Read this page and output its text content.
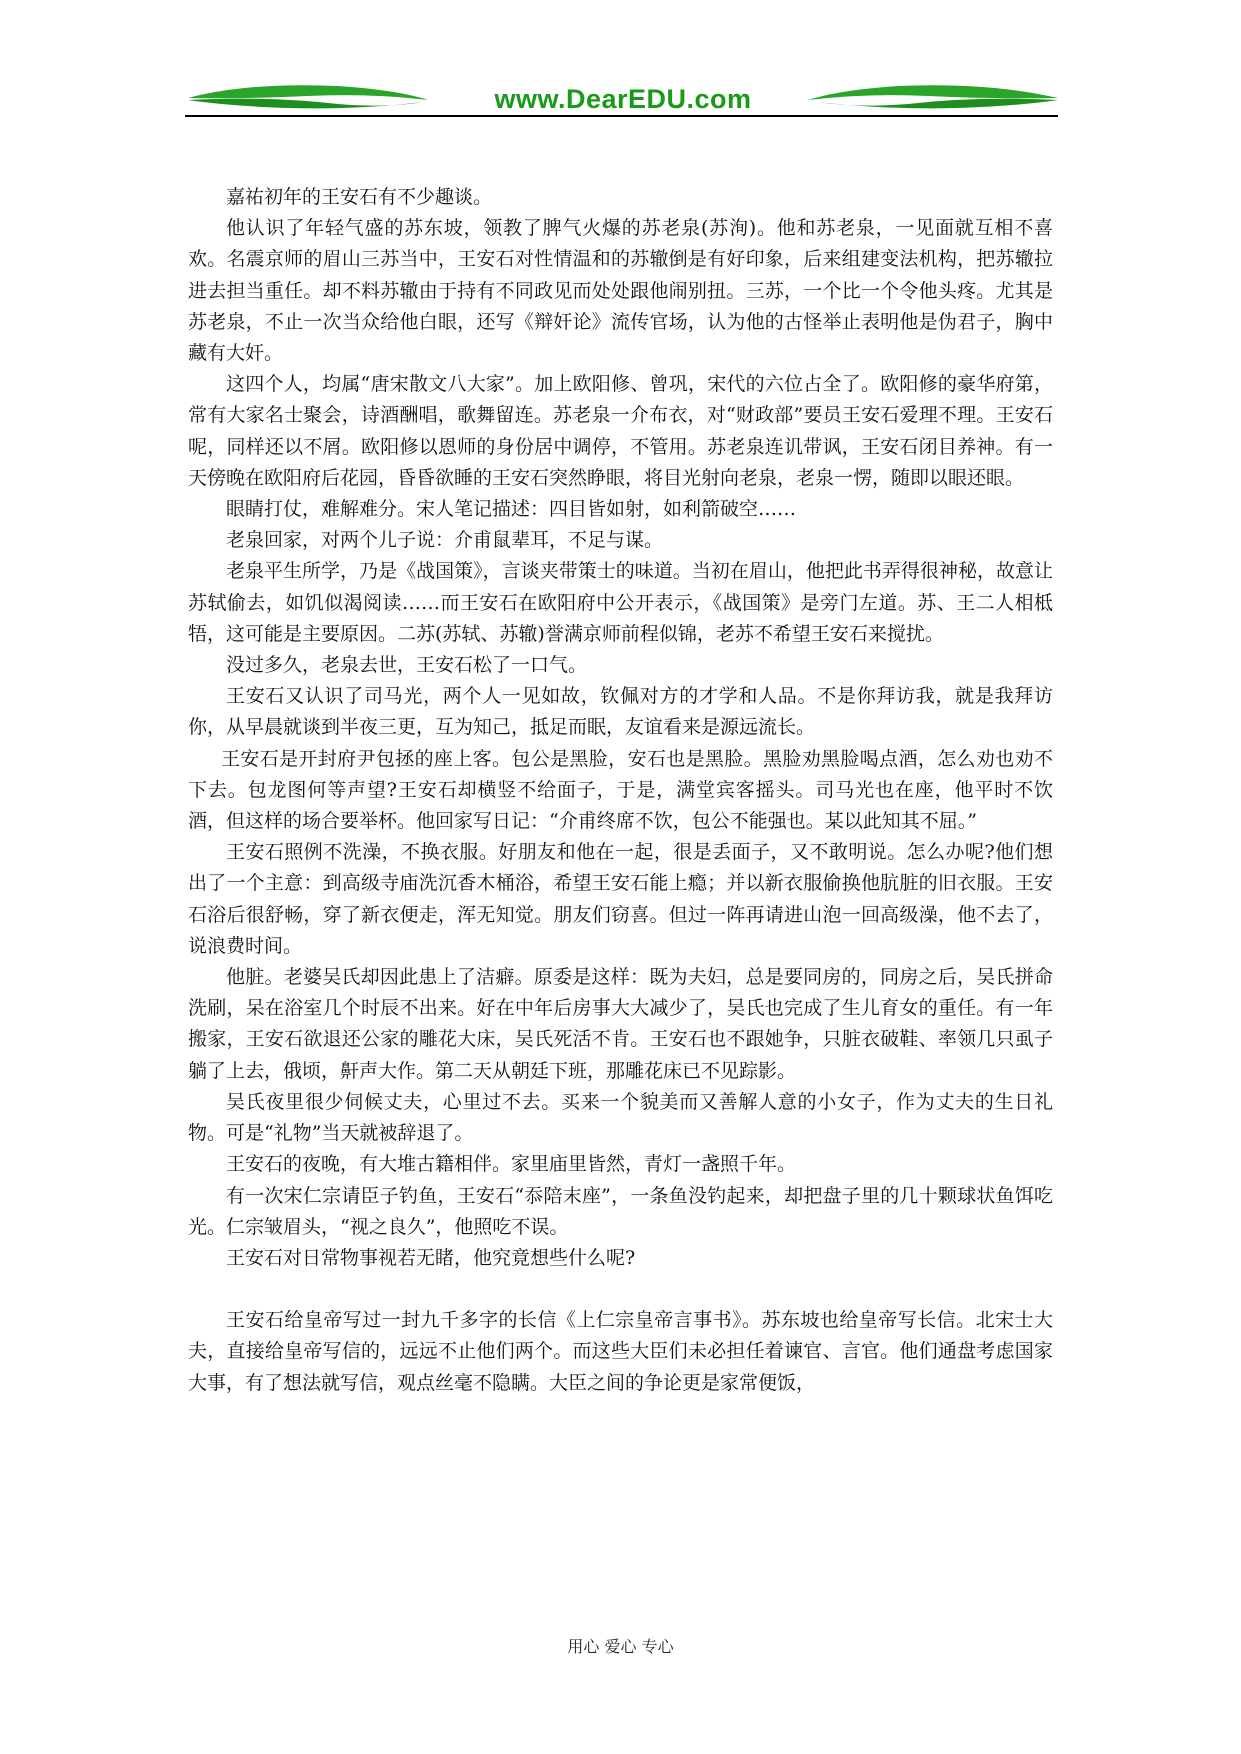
www.DearEDU.com

嘉祐初年的王安石有不少趣谈。

他认识了年轻气盛的苏东坡，领教了脾气火爆的苏老泉(苏洵)。他和苏老泉，一见面就互相不喜欢。名震京师的眉山三苏当中，王安石对性情温和的苏辙倒是有好印象，后来组建变法机构，把苏辙拉进去担当重任。却不料苏辙由于持有不同政见而处处跟他闹别扭。三苏，一个比一个令他头疼。尤其是苏老泉，不止一次当众给他白眼，还写《辩奸论》流传官场，认为他的古怪举止表明他是伪君子，胸中藏有大奸。

这四个人，均属“唐宋散文八大家”。加上欧阳修、曾巩，宋代的六位占全了。欧阳修的豪华府第，常有大家名士聚会，诗酒酬唱，歌舞留连。苏老泉一介布衣，对“财政部”要员王安石爱理不理。王安石呢，同样还以不屑。欧阳修以恩师的身份居中调停，不管用。苏老泉连讥带讽，王安石闭目养神。有一天傍晚在欧阳府后花园，昏昏欲睡的王安石突然睁眼，将目光射向老泉，老泉一愣，随即以眼还眼。

眼睛打仗，难解难分。宋人笔记描述：四目皆如射，如利箭破空……

老泉回家，对两个儿子说：介甫鼠辈耳，不足与谋。

老泉平生所学，乃是《战国策》，言谈夹带策士的味道。当初在眉山，他把此书弄得很神秘，故意让苏轼偷去，如饥似渴阅读……而王安石在欧阳府中公开表示，《战国策》是旁门左道。苏、王二人相柢牾，这可能是主要原因。二苏(苏轼、苏辙)誉满京师前程似锦，老苏不希望王安石来搅扰。

没过多久，老泉去世，王安石松了一口气。

王安石又认识了司马光，两个人一见如故，钦佩对方的才学和人品。不是你拜访我，就是我拜访你，从早晨就谈到半夜三更，互为知己，抵足而眠，友谊看来是源远流长。

王安石是开封府尹包拯的座上客。包公是黑脸，安石也是黑脸。黑脸劝黑脸喝点酒，怎么劝也劝不下去。包龙图何等声望?王安石却横竖不给面子，于是，满堂宾客摇头。司马光也在座，他平时不饮酒，但这样的场合要举杯。他回家写日记：“介甫终席不饮，包公不能强也。某以此知其不屈。”

王安石照例不洗澡，不换衣服。好朋友和他在一起，很是丢面子，又不敢明说。怎么办呢?他们想出了一个主意：到高级寺庙洗沉香木桶浴，希望王安石能上瘾；并以新衣服偷换他肮脏的旧衣服。王安石浴后很舒畅，穿了新衣便走，浑无知觉。朋友们窃喜。但过一阵再请进山泡一回高级澡，他不去了，说浪费时间。

他脏。老婆吴氏却因此患上了洁癖。原委是这样：既为夫妇，总是要同房的，同房之后，吴氏拼命洗刷，呆在浴室几个时辰不出来。好在中年后房事大大减少了，吴氏也完成了生儿育女的重任。有一年搬家，王安石欲退还公家的雕花大床，吴氏死活不肯。王安石也不跟她争，只脏衣破鞋、率领几只虱子躺了上去，俄顷，鼾声大作。第二天从朝廷下班，那雕花床已不见踪影。

吴氏夜里很少伺候丈夫，心里过不去。买来一个貌美而又善解人意的小女子，作为丈夫的生日礼物。可是“礼物”当天就被辞退了。

王安石的夜晚，有大堆古籍相伴。家里庙里皆然，青灯一盏照千年。

有一次宋仁宗请臣子钓鱼，王安石“忝陪末座”，一条鱼没钓起来，却把盘子里的几十颗球状鱼饵吃光。仁宗皱眉头，“视之良久”，他照吃不误。

王安石对日常物事视若无睹，他究竟想些什么呢?

王安石给皇帝写过一封九千多字的长信《上仁宗皇帝言事书》。苏东坡也给皇帝写长信。北宋士大夫，直接给皇帝写信的，远远不止他们两个。而这些大臣们未必担任着谏官、言官。他们通盘考虑国家大事，有了想法就写信，观点丝毫不隐瞒。大臣之间的争论更是家常便饭，

用心 爱心 专心
